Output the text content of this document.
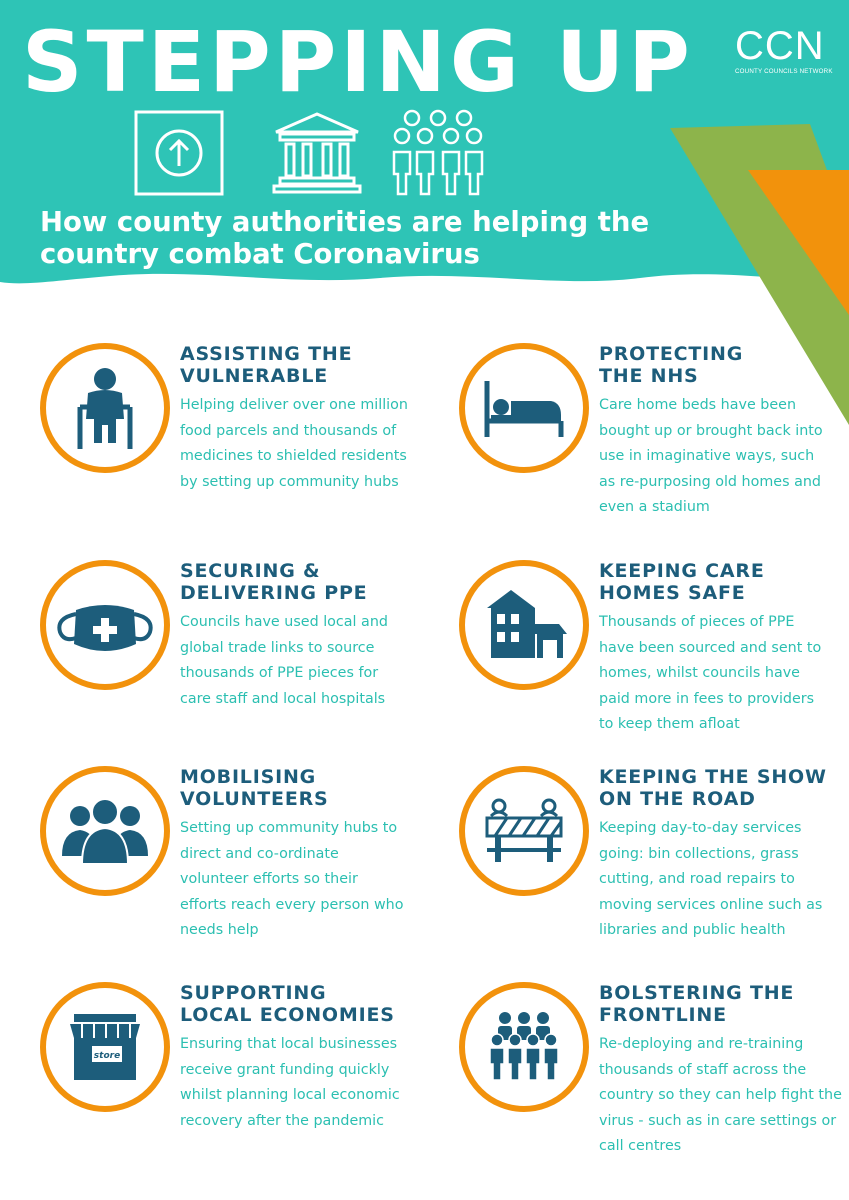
STEPPING UP CCN
COUNTY COUNCILS NETWORK
How county authorities are helping the country combat Coronavirus
ASSISTING THE
VULNERABLE

Helping deliver over one million food parcels and thousands of medicines to shielded residents by setting up community hubs

PROTECTING
THE NHS

Care home beds have been bought up or brought back into use in imaginative ways, such as re-purposing old homes and even a stadium

SECURING &
DELIVERING PPE

Councils have used local and global trade links to source thousands of PPE pieces for care staff and local hospitals

KEEPING CARE
HOMES SAFE

Thousands of pieces of PPE have been sourced and sent to homes, whilst councils have paid more in fees to providers to keep them afloat

MOBILISING
VOLUNTEERS

Setting up community hubs to direct and co-ordinate volunteer efforts so their efforts reach every person who needs help

KEEPING THE SHOW
ON THE ROAD

Keeping day-to-day services going: bin collections, grass cutting, and road repairs to moving services online such as libraries and public health

store
SUPPORTING
LOCAL ECONOMIES

Ensuring that local businesses receive grant funding quickly whilst planning local economic recovery after the pandemic

BOLSTERING THE
FRONTLINE

Re-deploying and re-training thousands of staff across the country so they can help fight the virus - such as in care settings or call centres
